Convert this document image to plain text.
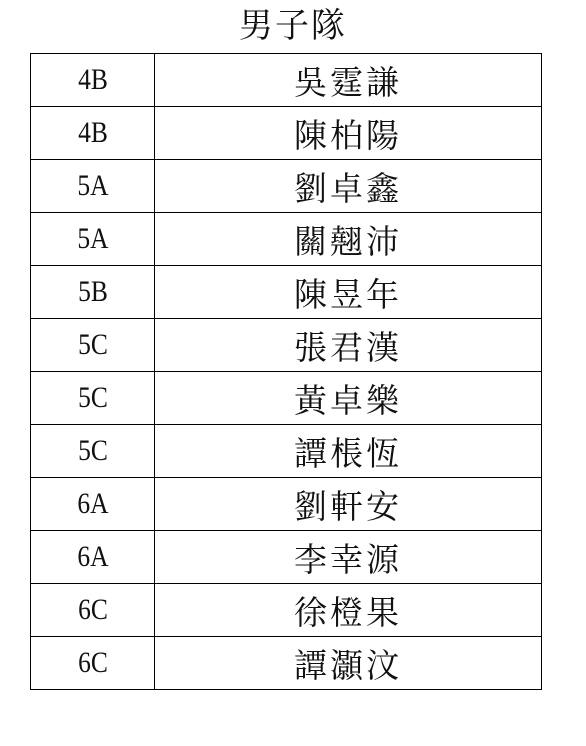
男子隊
4B	吳霆謙
4B	陳柏陽
5A	劉卓鑫
5A	關翹沛
5B	陳昱年
5C	張君漢
5C	黃卓樂
5C	譚棖恆
6A	劉軒安
6A	李幸源
6C	徐橙果
6C	譚灝汶
